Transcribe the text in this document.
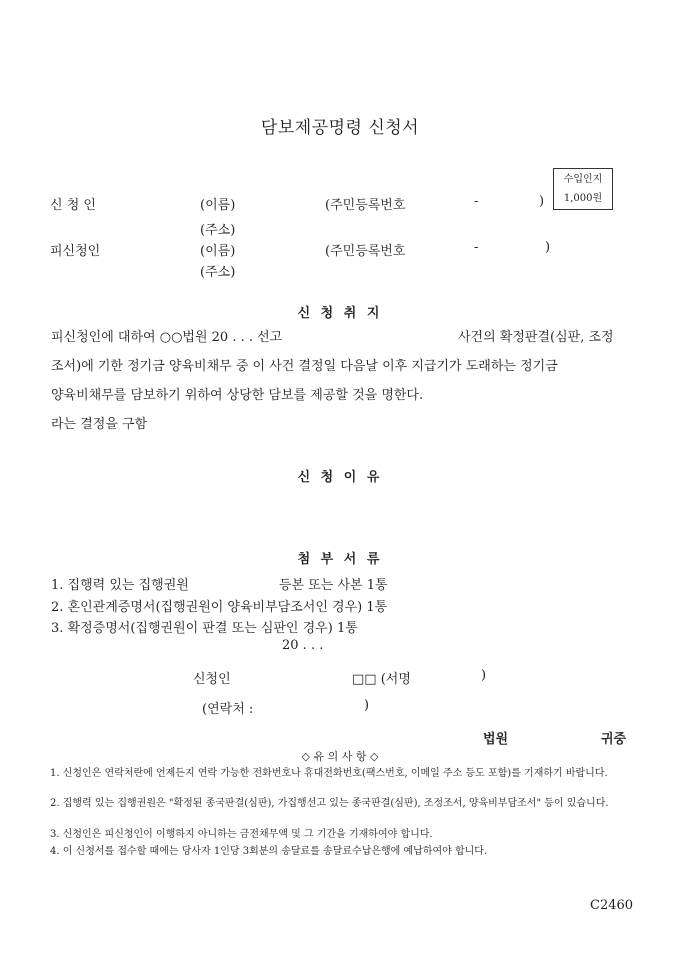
담보제공명령 신청서
수입인지
1,000원
신 청 인	(이름)	(주민등록번호	-	)
(주소)
피신청인	(이름)	(주민등록번호	-	)
(주소)
신 청 취 지
피신청인에 대하여 ○○법원 20 . . . 선고	사건의 확정판결(심판, 조정
조서)에 기한 정기금 양육비채무 중 이 사건 결정일 다음날 이후 지급기가 도래하는 정기금
양육비채무를 담보하기 위하여 상당한 담보를 제공할 것을 명한다.
라는 결정을 구함
신 청 이 유
첨 부 서 류
1. 집행력 있는 집행권원	등본 또는 사본 1통
2. 혼인관계증명서(집행권원이 양육비부담조서인 경우) 1통
3. 확정증명서(집행권원이 판결 또는 심판인 경우) 1통
20 . . .
신청인	□□ (서명	)
(연락처 :	)
법원	귀중
◇ 유 의 사 항 ◇
1. 신청인은 연락처란에 언제든지 연락 가능한 전화번호나 휴대전화번호(팩스번호, 이메일 주소 등도 포함)를 기재하기 바랍니다.
2. 집행력 있는 집행권원은 "확정된 종국판결(심판), 가집행선고 있는 종국판결(심판), 조정조서, 양육비부담조서" 등이 있습니다.
3. 신청인은 피신청인이 이행하지 아니하는 금전채무액 및 그 기간을 기재하여야 합니다.
4. 이 신청서를 접수할 때에는 당사자 1인당 3회분의 송달료를 송달료수납은행에 예납하여야 합니다.
C2460
